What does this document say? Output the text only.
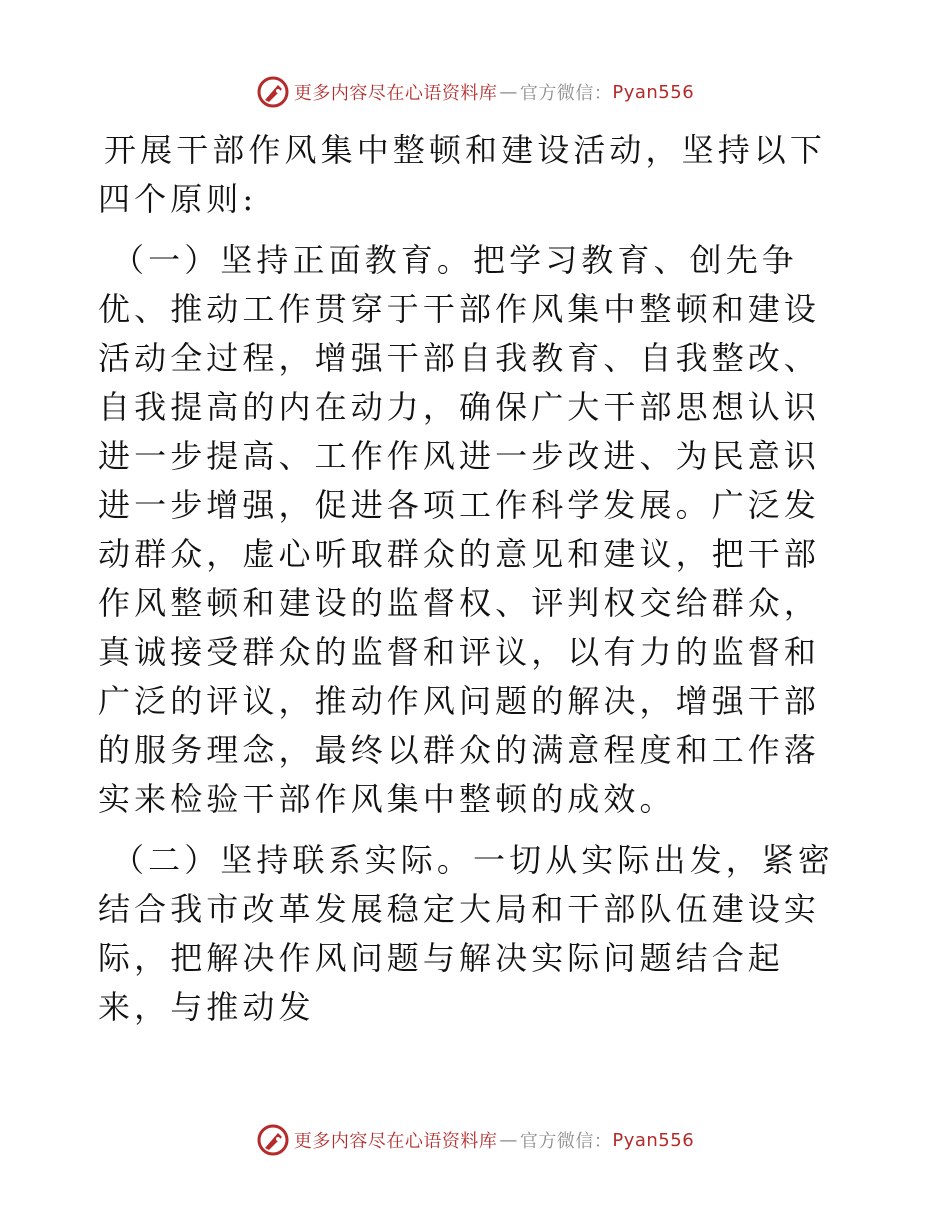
更多内容尽在心语资料库 — 官方微信： Pyan556

开展干部作风集中整顿和建设活动，坚持以下四个原则:

（一）坚持正面教育。把学习教育、创先争优、推动工作贯穿于干部作风集中整顿和建设活动全过程，增强干部自我教育、自我整改、自我提高的内在动力，确保广大干部思想认识进一步提高、工作作风进一步改进、为民意识进一步增强，促进各项工作科学发展。广泛发动群众，虚心听取群众的意见和建议，把干部作风整顿和建设的监督权、评判权交给群众，真诚接受群众的监督和评议，以有力的监督和广泛的评议，推动作风问题的解决，增强干部的服务理念，最终以群众的满意程度和工作落实来检验干部作风集中整顿的成效。

（二）坚持联系实际。一切从实际出发，紧密结合我市改革发展稳定大局和干部队伍建设实际，把解决作风问题与解决实际问题结合起来，与推动发

更多内容尽在心语资料库 — 官方微信： Pyan556
